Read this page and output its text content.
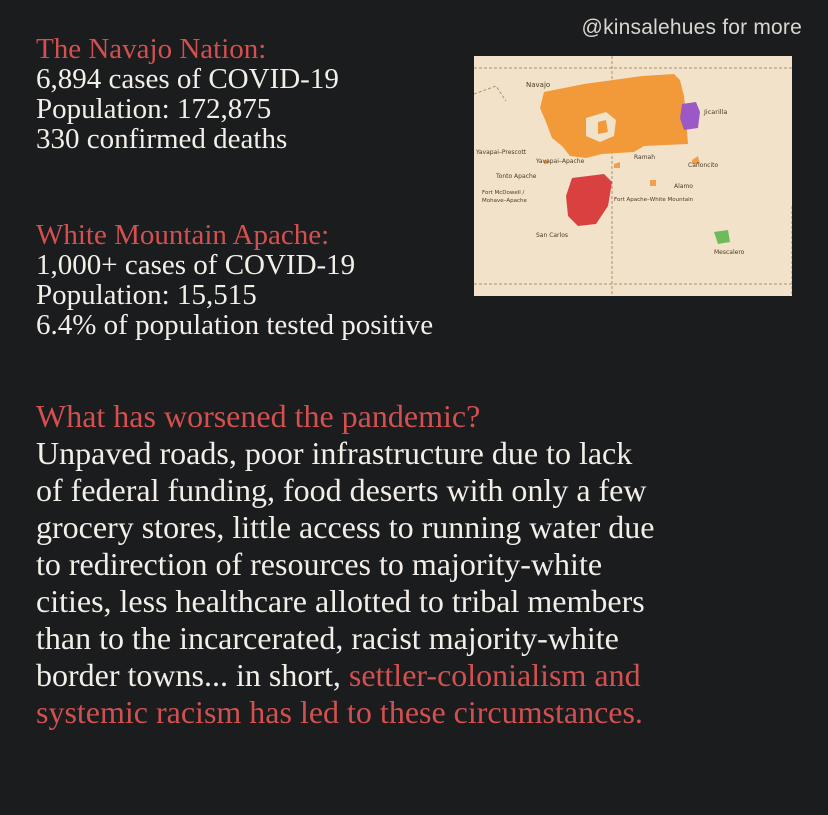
@kinsalehues for more
The Navajo Nation:
6,894 cases of COVID-19
Population: 172,875
330 confirmed deaths
White Mountain Apache:
1,000+ cases of COVID-19
Population: 15,515
6.4% of population tested positive
Navajo
Jicarilla
Yavapai–Prescott
Yavapai–Apache
Ramah
Cañoncito
Tonto Apache
Fort McDowell /
Mohave–Apache
Alamo
Fort Apache–White Mountain
San Carlos
Mescalero
What has worsened the pandemic?
Unpaved roads, poor infrastructure due to lack
of federal funding, food deserts with only a few
grocery stores, little access to running water due
to redirection of resources to majority-white
cities, less healthcare allotted to tribal members
than to the incarcerated, racist majority-white
border towns... in short, settler-colonialism and
systemic racism has led to these circumstances.
